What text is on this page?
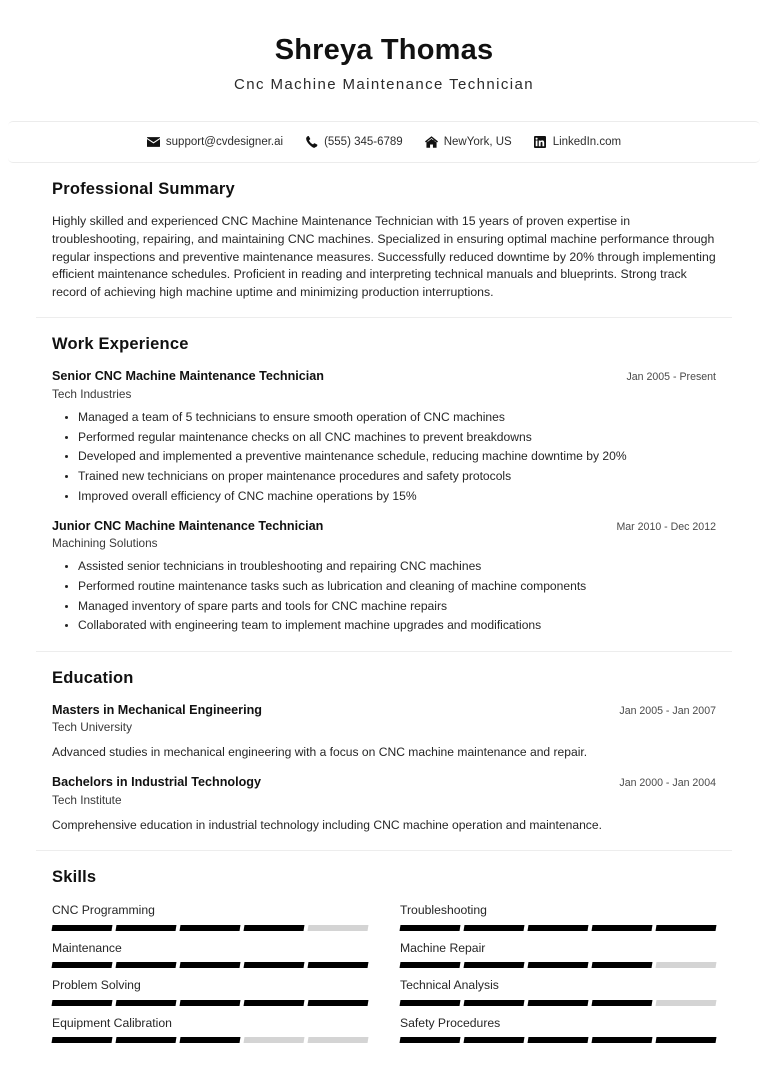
Shreya Thomas
Cnc Machine Maintenance Technician
support@cvdesigner.ai	(555) 345-6789	NewYork, US	LinkedIn.com
Professional Summary

Highly skilled and experienced CNC Machine Maintenance Technician with 15 years of proven expertise in troubleshooting, repairing, and maintaining CNC machines. Specialized in ensuring optimal machine performance through regular inspections and preventive maintenance measures. Successfully reduced downtime by 20% through implementing efficient maintenance schedules. Proficient in reading and interpreting technical manuals and blueprints. Strong track record of achieving high machine uptime and minimizing production interruptions.

Work Experience
Senior CNC Machine Maintenance Technician	Jan 2005 - Present
Tech Industries
• Managed a team of 5 technicians to ensure smooth operation of CNC machines
• Performed regular maintenance checks on all CNC machines to prevent breakdowns
• Developed and implemented a preventive maintenance schedule, reducing machine downtime by 20%
• Trained new technicians on proper maintenance procedures and safety protocols
• Improved overall efficiency of CNC machine operations by 15%
Junior CNC Machine Maintenance Technician	Mar 2010 - Dec 2012
Machining Solutions
• Assisted senior technicians in troubleshooting and repairing CNC machines
• Performed routine maintenance tasks such as lubrication and cleaning of machine components
• Managed inventory of spare parts and tools for CNC machine repairs
• Collaborated with engineering team to implement machine upgrades and modifications
Education
Masters in Mechanical Engineering	Jan 2005 - Jan 2007
Tech University
Advanced studies in mechanical engineering with a focus on CNC machine maintenance and repair.
Bachelors in Industrial Technology	Jan 2000 - Jan 2004
Tech Institute
Comprehensive education in industrial technology including CNC machine operation and maintenance.
Skills
CNC Programming	Troubleshooting
Maintenance	Machine Repair
Problem Solving	Technical Analysis
Equipment Calibration	Safety Procedures
